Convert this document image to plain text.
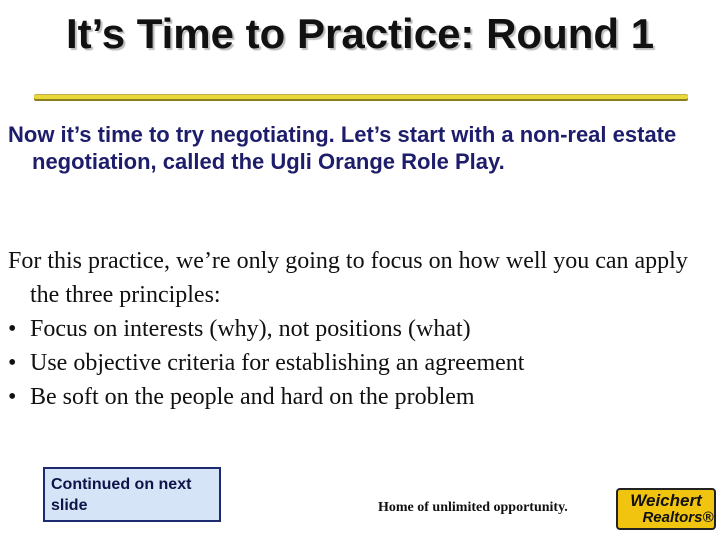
It’s Time to Practice: Round 1

Now it’s time to try negotiating. Let’s start with a non-real estate negotiation, called the Ugli Orange Role Play.

For this practice, we’re only going to focus on how well you can apply the three principles:

• Focus on interests (why), not positions (what)
• Use objective criteria for establishing an agreement
• Be soft on the people and hard on the problem
Continued on next slide	Home of unlimited opportunity.	Weichert
Realtors®
